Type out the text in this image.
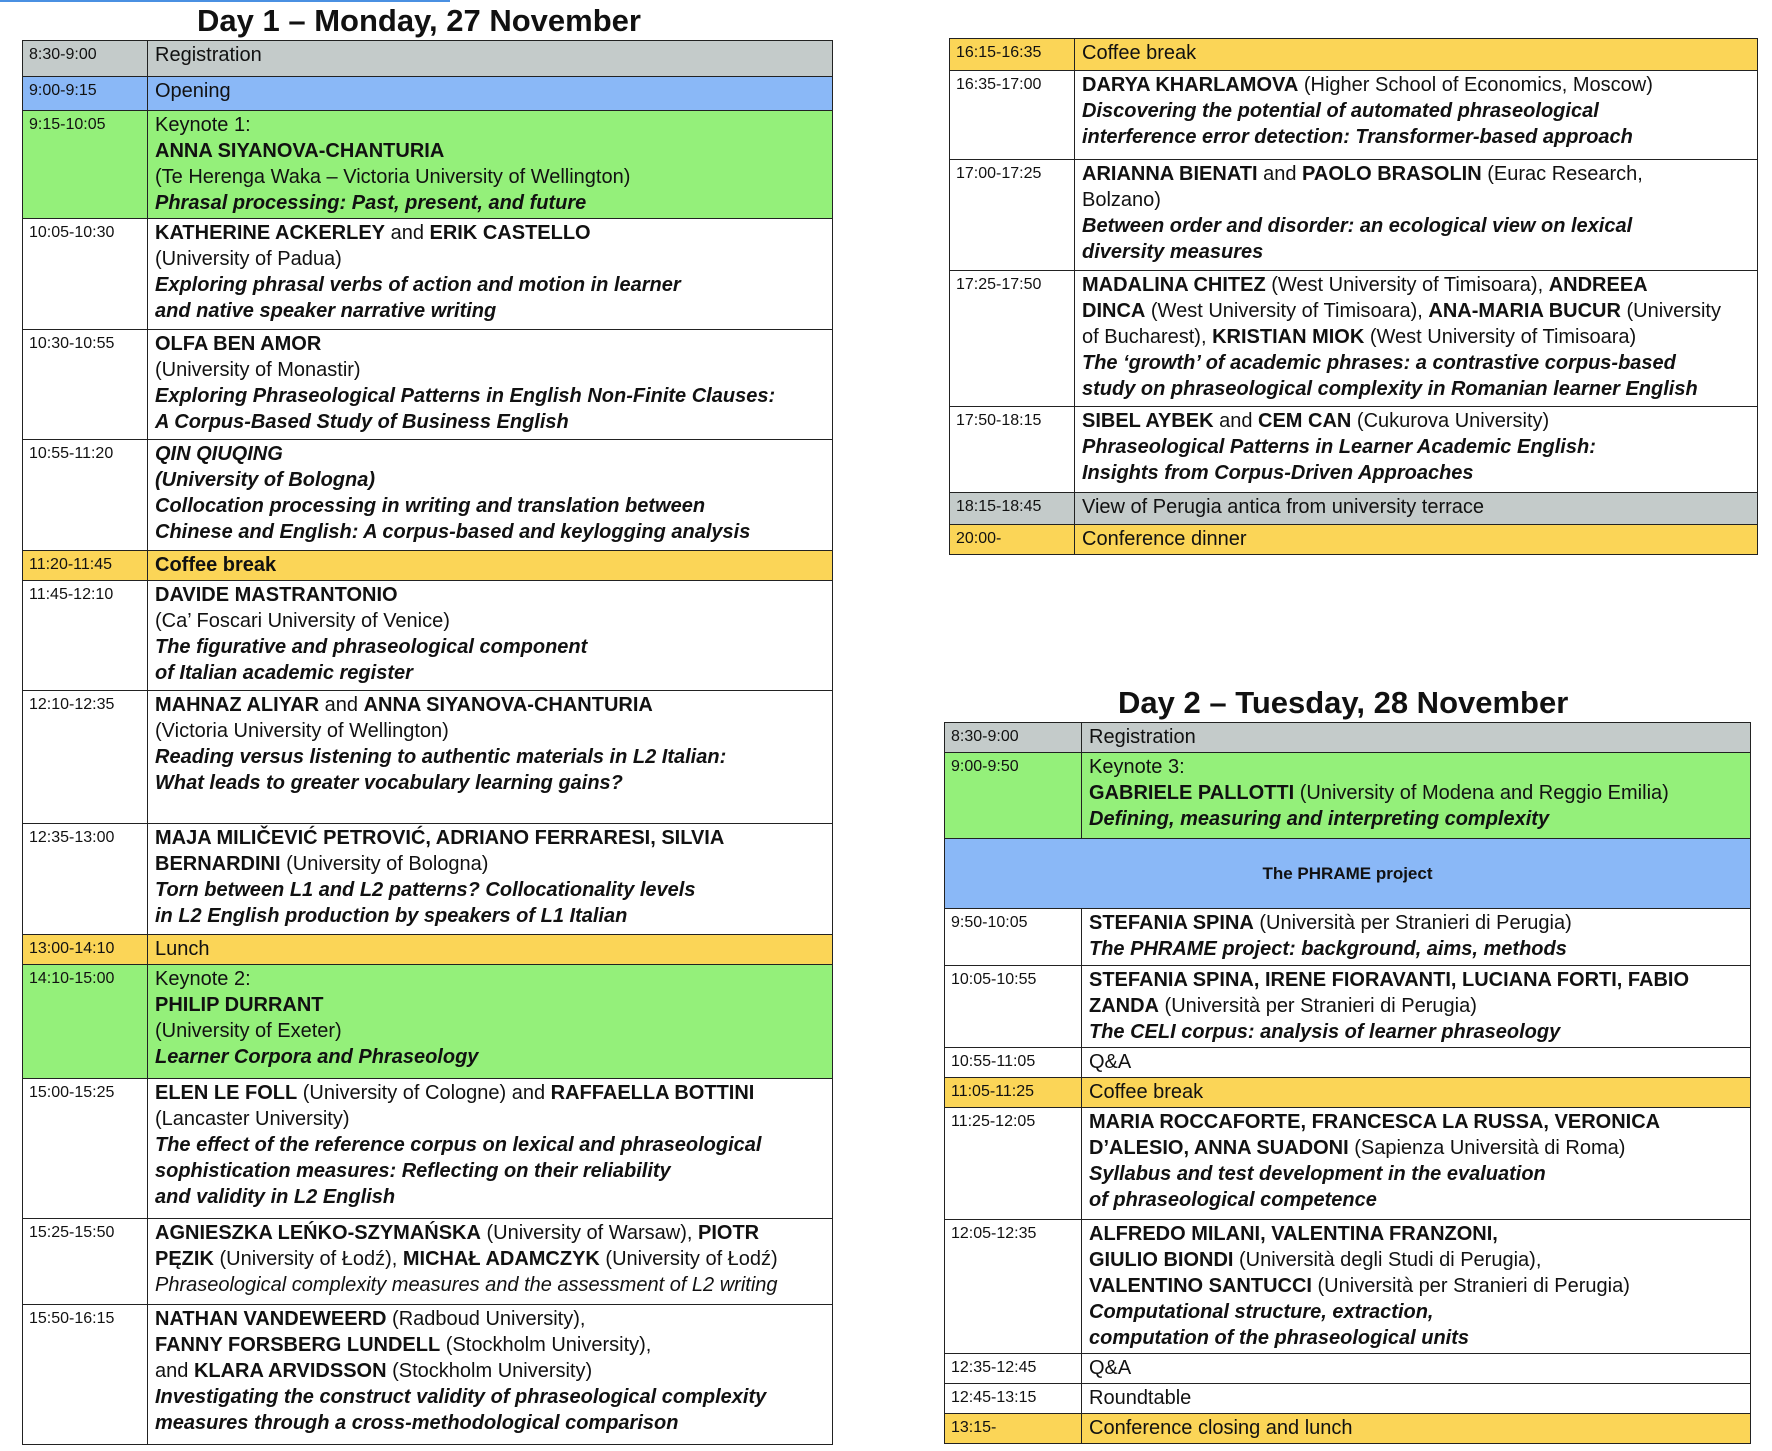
Day 1 – Monday, 27 November
8:30-9:00	Registration
9:00-9:15	Opening
9:15-10:05	Keynote 1:
ANNA SIYANOVA-CHANTURIA
(Te Herenga Waka – Victoria University of Wellington)
Phrasal processing: Past, present, and future
10:05-10:30	KATHERINE ACKERLEY and ERIK CASTELLO
(University of Padua)
Exploring phrasal verbs of action and motion in learner
and native speaker narrative writing
10:30-10:55	OLFA BEN AMOR
(University of Monastir)
Exploring Phraseological Patterns in English Non-Finite Clauses:
A Corpus-Based Study of Business English
10:55-11:20	QIN QIUQING
(University of Bologna)
Collocation processing in writing and translation between
Chinese and English: A corpus-based and keylogging analysis
11:20-11:45	Coffee break
11:45-12:10	DAVIDE MASTRANTONIO
(Ca’ Foscari University of Venice)
The figurative and phraseological component
of Italian academic register
12:10-12:35	MAHNAZ ALIYAR and ANNA SIYANOVA-CHANTURIA
(Victoria University of Wellington)
Reading versus listening to authentic materials in L2 Italian:
What leads to greater vocabulary learning gains?
12:35-13:00	MAJA MILIČEVIĆ PETROVIĆ, ADRIANO FERRARESI, SILVIA
BERNARDINI (University of Bologna)
Torn between L1 and L2 patterns? Collocationality levels
in L2 English production by speakers of L1 Italian
13:00-14:10	Lunch
14:10-15:00	Keynote 2:
PHILIP DURRANT
(University of Exeter)
Learner Corpora and Phraseology
15:00-15:25	ELEN LE FOLL (University of Cologne) and RAFFAELLA BOTTINI
(Lancaster University)
The effect of the reference corpus on lexical and phraseological
sophistication measures: Reflecting on their reliability
and validity in L2 English
15:25-15:50	AGNIESZKA LEŃKO-SZYMAŃSKA (University of Warsaw), PIOTR
PĘZIK (University of Łodź), MICHAŁ ADAMCZYK (University of Łodź)
Phraseological complexity measures and the assessment of L2 writing
15:50-16:15	NATHAN VANDEWEERD (Radboud University),
FANNY FORSBERG LUNDELL (Stockholm University),
and KLARA ARVIDSSON (Stockholm University)
Investigating the construct validity of phraseological complexity
measures through a cross-methodological comparison
16:15-16:35	Coffee break
16:35-17:00	DARYA KHARLAMOVA (Higher School of Economics, Moscow)
Discovering the potential of automated phraseological
interference error detection: Transformer-based approach
17:00-17:25	ARIANNA BIENATI and PAOLO BRASOLIN (Eurac Research,
Bolzano)
Between order and disorder: an ecological view on lexical
diversity measures
17:25-17:50	MADALINA CHITEZ (West University of Timisoara), ANDREEA
DINCA (West University of Timisoara), ANA-MARIA BUCUR (University
of Bucharest), KRISTIAN MIOK (West University of Timisoara)
The ‘growth’ of academic phrases: a contrastive corpus-based
study on phraseological complexity in Romanian learner English
17:50-18:15	SIBEL AYBEK and CEM CAN (Cukurova University)
Phraseological Patterns in Learner Academic English:
Insights from Corpus-Driven Approaches
18:15-18:45	View of Perugia antica from university terrace
20:00-	Conference dinner
Day 2 – Tuesday, 28 November
8:30-9:00	Registration
9:00-9:50	Keynote 3:
GABRIELE PALLOTTI (University of Modena and Reggio Emilia)
Defining, measuring and interpreting complexity
The PHRAME project	
9:50-10:05	STEFANIA SPINA (Università per Stranieri di Perugia)
The PHRAME project: background, aims, methods
10:05-10:55	STEFANIA SPINA, IRENE FIORAVANTI, LUCIANA FORTI, FABIO
ZANDA (Università per Stranieri di Perugia)
The CELI corpus: analysis of learner phraseology
10:55-11:05	Q&A
11:05-11:25	Coffee break
11:25-12:05	MARIA ROCCAFORTE, FRANCESCA LA RUSSA, VERONICA
D’ALESIO, ANNA SUADONI (Sapienza Università di Roma)
Syllabus and test development in the evaluation
of phraseological competence
12:05-12:35	ALFREDO MILANI, VALENTINA FRANZONI,
GIULIO BIONDI (Università degli Studi di Perugia),
VALENTINO SANTUCCI (Università per Stranieri di Perugia)
Computational structure, extraction,
computation of the phraseological units
12:35-12:45	Q&A
12:45-13:15	Roundtable
13:15-	Conference closing and lunch
